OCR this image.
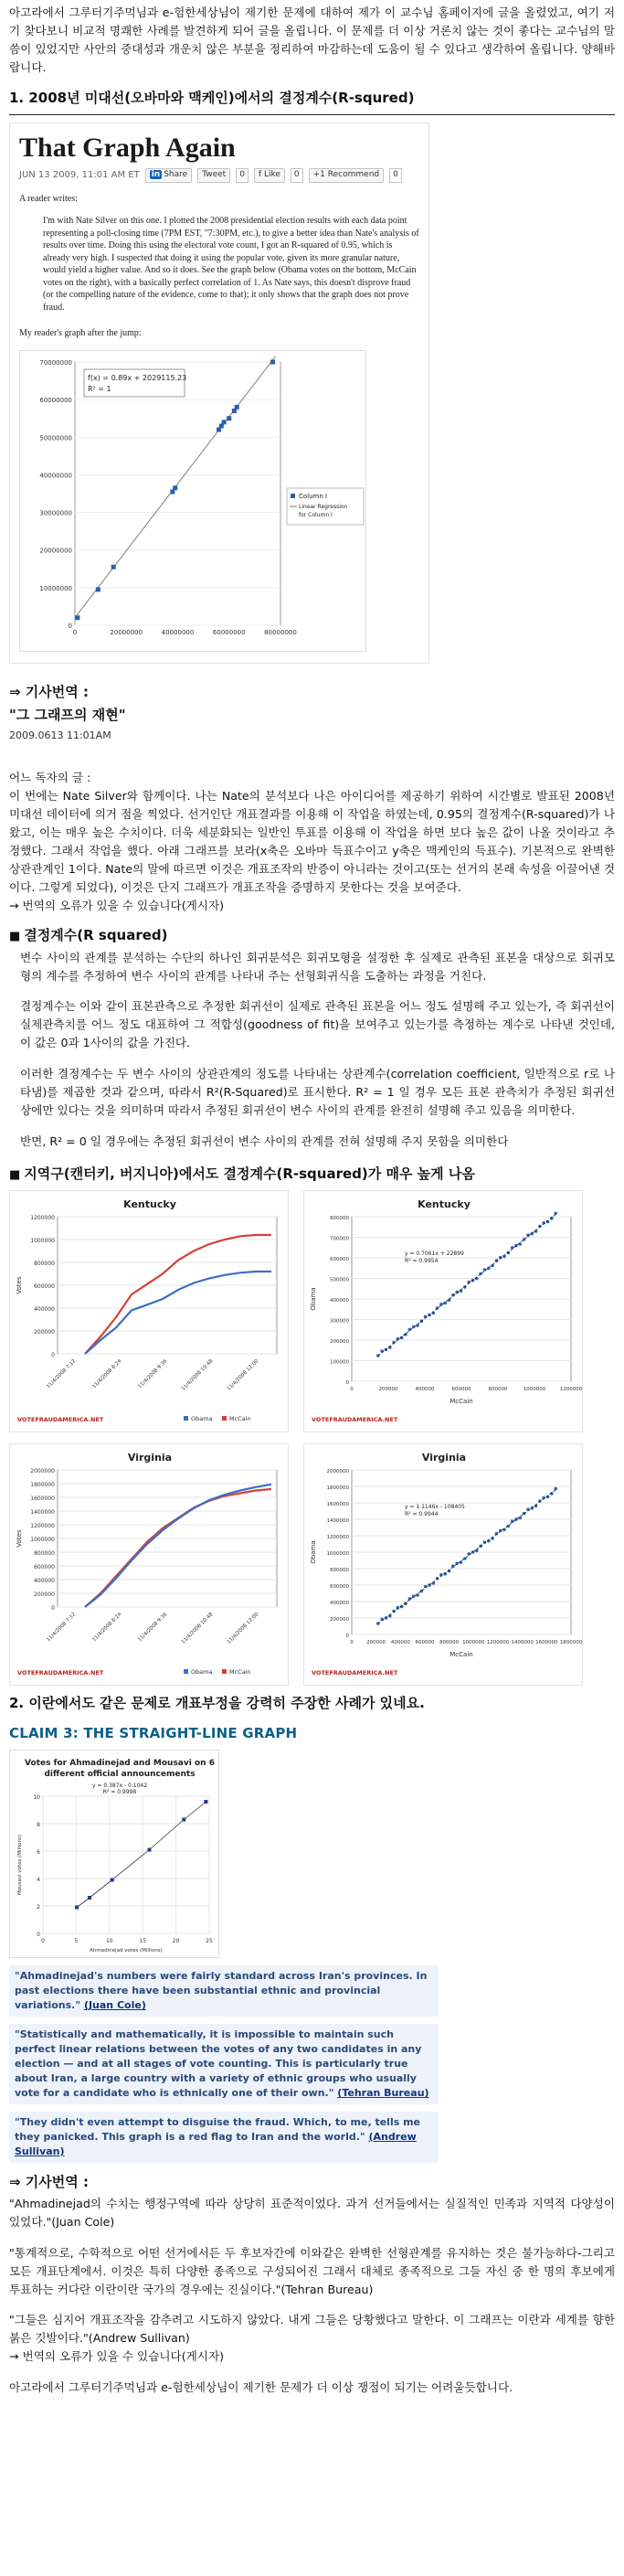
아고라에서 그루터기주먹님과 e-험한세상님이 제기한 문제에 대하여 제가 이 교수님 홈페이지에 글을 올렸었고, 여기 저기 찾다보니 비교적 명쾌한 사례를 발견하게 되어 글을 올립니다. 이 문제를 더 이상 거론치 않는 것이 좋다는 교수님의 말씀이 있었지만 사안의 중대성과 개운치 않은 부분을 정리하여 마감하는데 도움이 될 수 있다고 생각하여 올립니다. 양해바랍니다.

1. 2008년 미대선(오바마와 맥케인)에서의 결정계수(R-squred)
That Graph Again
JUN 13 2009, 11:01 AM ET	in Share	Tweet	0	f Like	0	+1 Recommend	0
A reader writes:
I'm with Nate Silver on this one. I plotted the 2008 presidential election results with each data point representing a poll-closing time (7PM EST, "7:30PM, etc.), to give a better idea than Nate's analysis of results over time. Doing this using the electoral vote count, I got an R-squared of 0.95, which is already very high. I suspected that doing it using the popular vote, given its more granular nature, would yield a higher value. And so it does. See the graph below (Obama votes on the bottom, McCain votes on the right), with a basically perfect correlation of 1. As Nate says, this doesn't disprove fraud (or the compelling nature of the evidence, come to that); it only shows that the graph does not prove fraud.
My reader's graph after the jump:
0
10000000
20000000
30000000
40000000
50000000
60000000
70000000
0	20000000	40000000	60000000	80000000
f(x) = 0.89x + 2029115.23
R² = 1
Column I
Linear Regression
for Column I
⇒ 기사번역 :
"그 그래프의 재현"
2009.0613 11:01AM

어느 독자의 글 :

이 번에는 Nate Silver와 함께이다. 나는 Nate의 분석보다 나은 아이디어를 제공하기 위하여 시간별로 발표된 2008년 미대선 데이터에 의거 점을 찍었다. 선거인단 개표결과를 이용해 이 작업을 하였는데, 0.95의 결정계수(R-squared)가 나왔고, 이는 매우 높은 수치이다. 더욱 세분화되는 일반인 투표를 이용해 이 작업을 하면 보다 높은 값이 나올 것이라고 추정했다. 그래서 작업을 했다. 아래 그래프를 보라(x축은 오바마 득표수이고 y축은 맥케인의 득표수). 기본적으로 완벽한 상관관계인 1이다. Nate의 말에 따르면 이것은 개표조작의 반증이 아니라는 것이고(또는 선거의 본래 속성을 이끌어낸 것이다. 그렇게 되었다), 이것은 단지 그래프가 개표조작을 증명하지 못한다는 것을 보여준다.

→ 번역의 오류가 있을 수 있습니다(게시자)

■ 결정계수(R squared)

변수 사이의 관계를 분석하는 수단의 하나인 회귀분석은 회귀모형을 설정한 후 실제로 관측된 표본을 대상으로 회귀모형의 계수를 추정하여 변수 사이의 관계를 나타내 주는 선형회귀식을 도출하는 과정을 거친다.

결정계수는 이와 같이 표본관측으로 추정한 회귀선이 실제로 관측된 표본을 어느 정도 설명해 주고 있는가, 즉 회귀선이 실제관측치를 어느 정도 대표하여 그 적합성(goodness of fit)을 보여주고 있는가를 측정하는 계수로 나타낸 것인데, 이 값은 0과 1사이의 값을 가진다.

이러한 결정계수는 두 변수 사이의 상관관계의 정도를 나타내는 상관계수(correlation coefficient, 일반적으로 r로 나타냄)를 제곱한 것과 같으며, 따라서 R²(R-Squared)로 표시한다. R² = 1 일 경우 모든 표본 관측치가 추정된 회귀선 상에만 있다는 것을 의미하며 따라서 추정된 회귀선이 변수 사이의 관계를 완전히 설명해 주고 있음을 의미한다.

반면, R² = 0 일 경우에는 추정된 회귀선이 변수 사이의 관계를 전혀 설명해 주지 못함을 의미한다

■ 지역구(캔터키, 버지니아)에서도 결정계수(R-squared)가 매우 높게 나옴
Kentucky
0
200000
400000
600000
800000
1000000
1200000
Votes
11/4/2008 7:12	11/4/2008 8:24	11/4/2008 9:36 11/4/2008 10:48 11/4/2008 12:00
VOTEFRAUDAMERICA.NET	Obama	McCain
Kentucky
0
100000
200000
300000
400000
500000
600000
700000
800000
0	200000	400000	600000	800000	1000000	1200000
Obama
McCain
y = 0.7061x + 22899
R² = 0.9954
VOTEFRAUDAMERICA.NET
Virginia
0
200000
400000
600000
800000
1000000
1200000
1400000
1600000
1800000
2000000
Votes
11/4/2008 7:12	11/4/2008 8:24	11/4/2008 9:36 11/4/2008 10:48 11/4/2008 12:00
VOTEFRAUDAMERICA.NET	Obama	McCain
Virginia
0
200000
400000
600000
800000
1000000
1200000
1400000
1600000
1800000
2000000
0	200000 400000 600000 800000 1000000 1200000 1400000 1600000 1800000
Obama
McCain
y = 1.1146x - 108405
R² = 0.9944
VOTEFRAUDAMERICA.NET
2. 이란에서도 같은 문제로 개표부정을 강력히 주장한 사례가 있네요.
CLAIM 3: THE STRAIGHT-LINE GRAPH
Votes for Ahmadinejad and Mousavi on 6
different official announcements
0
2
4
6
8
10
0	5	10	15	20	25
Mousavi votes (Millions)
Ahmadinejad votes (Millions)
y = 0.387x - 0.1042
R² = 0.9998
"Ahmadinejad's numbers were fairly standard across Iran's provinces. In past elections there have been substantial ethnic and provincial variations." (Juan Cole)
"Statistically and mathematically, it is impossible to maintain such perfect linear relations between the votes of any two candidates in any election — and at all stages of vote counting. This is particularly true about Iran, a large country with a variety of ethnic groups who usually vote for a candidate who is ethnically one of their own." (Tehran Bureau)
"They didn't even attempt to disguise the fraud. Which, to me, tells me they panicked. This graph is a red flag to Iran and the world." (Andrew Sullivan)
⇒ 기사번역 :

"Ahmadinejad의 수치는 행정구역에 따라 상당히 표준적이었다. 과거 선거들에서는 실질적인 민족과 지역적 다양성이 있었다."(Juan Cole)

"통계적으로, 수학적으로 어떤 선거에서든 두 후보자간에 이와같은 완벽한 선형관계를 유지하는 것은 불가능하다-그리고 모든 개표단계에서. 이것은 특히 다양한 종족으로 구성되어진 그래서 대체로 종족적으로 그들 자신 중 한 명의 후보에게 투표하는 커다란 이란이란 국가의 경우에는 진실이다."(Tehran Bureau)

"그들은 심지어 개표조작을 감추려고 시도하지 않았다. 내게 그들은 당황했다고 말한다. 이 그래프는 이란과 세계를 향한 붉은 깃발이다."(Andrew Sullivan)

→ 번역의 오류가 있을 수 있습니다(게시자)

아고라에서 그루터기주먹님과 e-험한세상님이 제기한 문제가 더 이상 쟁점이 되기는 어려울듯합니다.
